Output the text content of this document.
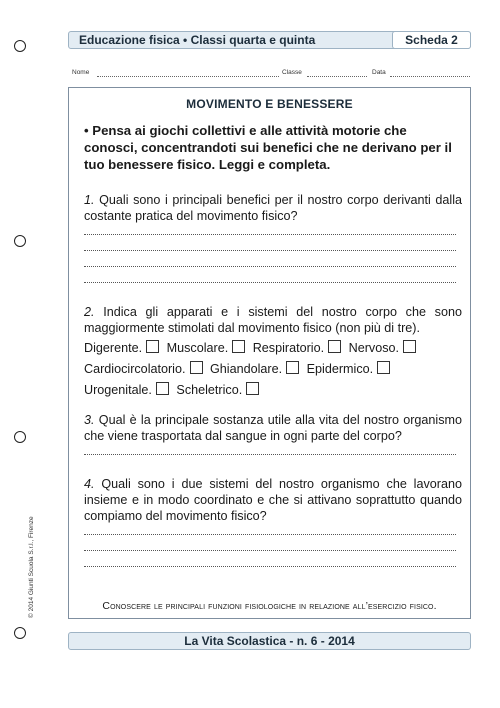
Educazione fisica • Classi quarta e quinta	Scheda 2
Nome	Classe	Data
MOVIMENTO E BENESSERE
• Pensa ai giochi collettivi e alle attività motorie che conosci, concentrandoti sui benefici che ne derivano per il tuo benessere fisico. Leggi e completa.
1. Quali sono i principali benefici per il nostro corpo derivanti dalla costante pratica del movimento fisico?
2. Indica gli apparati e i sistemi del nostro corpo che sono maggiormente stimolati dal movimento fisico (non più di tre).
Digerente. Muscolare. Respiratorio. Nervoso.
Cardiocircolatorio. Ghiandolare. Epidermico.
Urogenitale. Scheletrico.
3. Qual è la principale sostanza utile alla vita del nostro organismo che viene trasportata dal sangue in ogni parte del corpo?
4. Quali sono i due sistemi del nostro organismo che lavorano insieme e in modo coordinato e che si attivano soprattutto quando compiamo del movimento fisico?
Conoscere le principali funzioni fisiologiche in relazione all’esercizio fisico.
© 2014 Giunti Scuola S.r.l., Firenze
La Vita Scolastica - n. 6 - 2014
